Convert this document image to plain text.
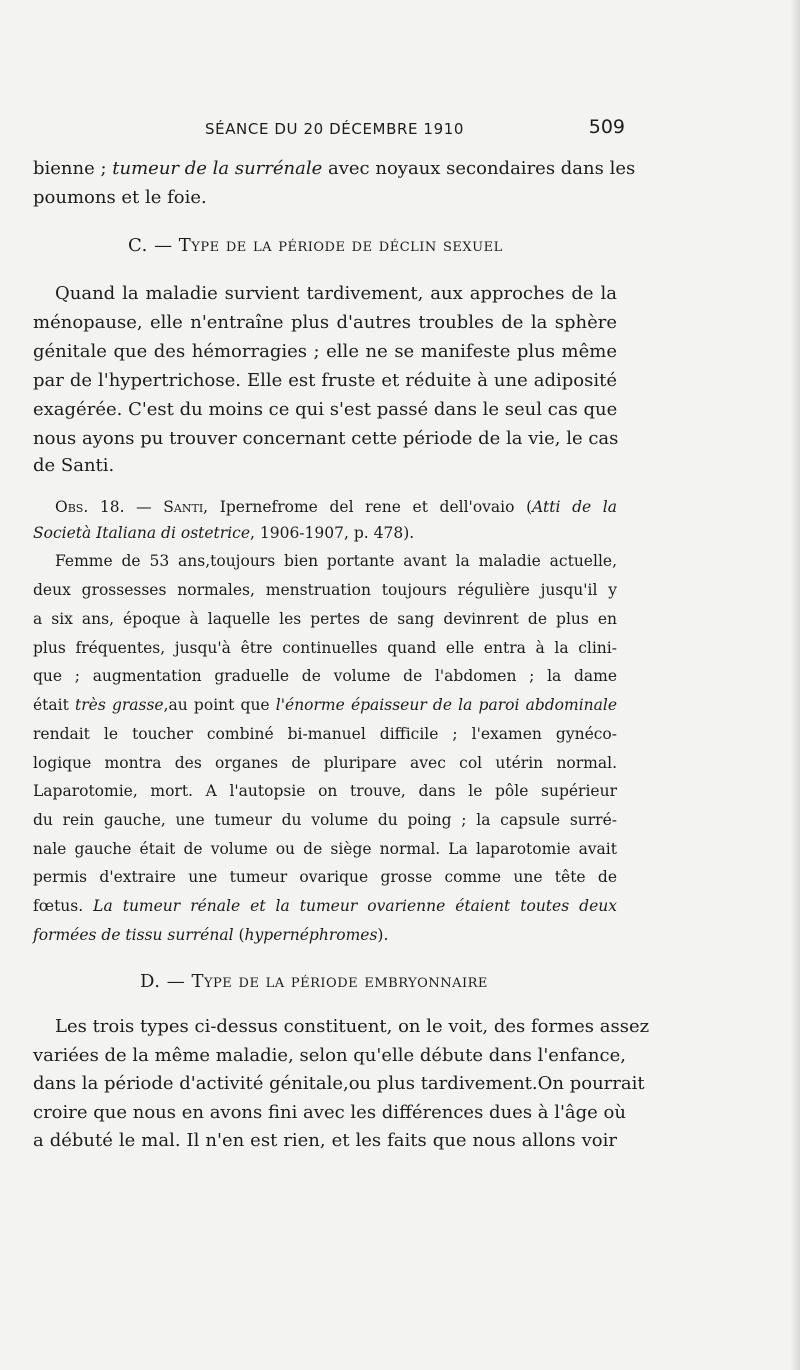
SÉANCE DU 20 DÉCEMBRE 1910	509
bienne ; tumeur de la surrénale avec noyaux secondaires dans les
poumons et le foie.
C. — Type de la période de déclin sexuel
Quand la maladie survient tardivement, aux approches de la
ménopause, elle n'entraîne plus d'autres troubles de la sphère
génitale que des hémorragies ; elle ne se manifeste plus même
par de l'hypertrichose. Elle est fruste et réduite à une adiposité
exagérée. C'est du moins ce qui s'est passé dans le seul cas que
nous ayons pu trouver concernant cette période de la vie, le cas
de Santi.
Obs. 18. — Santi, Ipernefrome del rene et dell'ovaio (Atti de la
Società Italiana di ostetrice, 1906-1907, p. 478).
Femme de 53 ans,toujours bien portante avant la maladie actuelle,
deux grossesses normales, menstruation toujours régulière jusqu'il y
a six ans, époque à laquelle les pertes de sang devinrent de plus en
plus fréquentes, jusqu'à être continuelles quand elle entra à la clini-
que ; augmentation graduelle de volume de l'abdomen ; la dame
était très grasse,au point que l'énorme épaisseur de la paroi abdominale
rendait le toucher combiné bi-manuel difficile ; l'examen gynéco-
logique montra des organes de pluripare avec col utérin normal.
Laparotomie, mort. A l'autopsie on trouve, dans le pôle supérieur
du rein gauche, une tumeur du volume du poing ; la capsule surré-
nale gauche était de volume ou de siège normal. La laparotomie avait
permis d'extraire une tumeur ovarique grosse comme une tête de
fœtus. La tumeur rénale et la tumeur ovarienne étaient toutes deux
formées de tissu surrénal (hypernéphromes).
D. — Type de la période embryonnaire
Les trois types ci-dessus constituent, on le voit, des formes assez
variées de la même maladie, selon qu'elle débute dans l'enfance,
dans la période d'activité génitale,ou plus tardivement.On pourrait
croire que nous en avons fini avec les différences dues à l'âge où
a débuté le mal. Il n'en est rien, et les faits que nous allons voir
